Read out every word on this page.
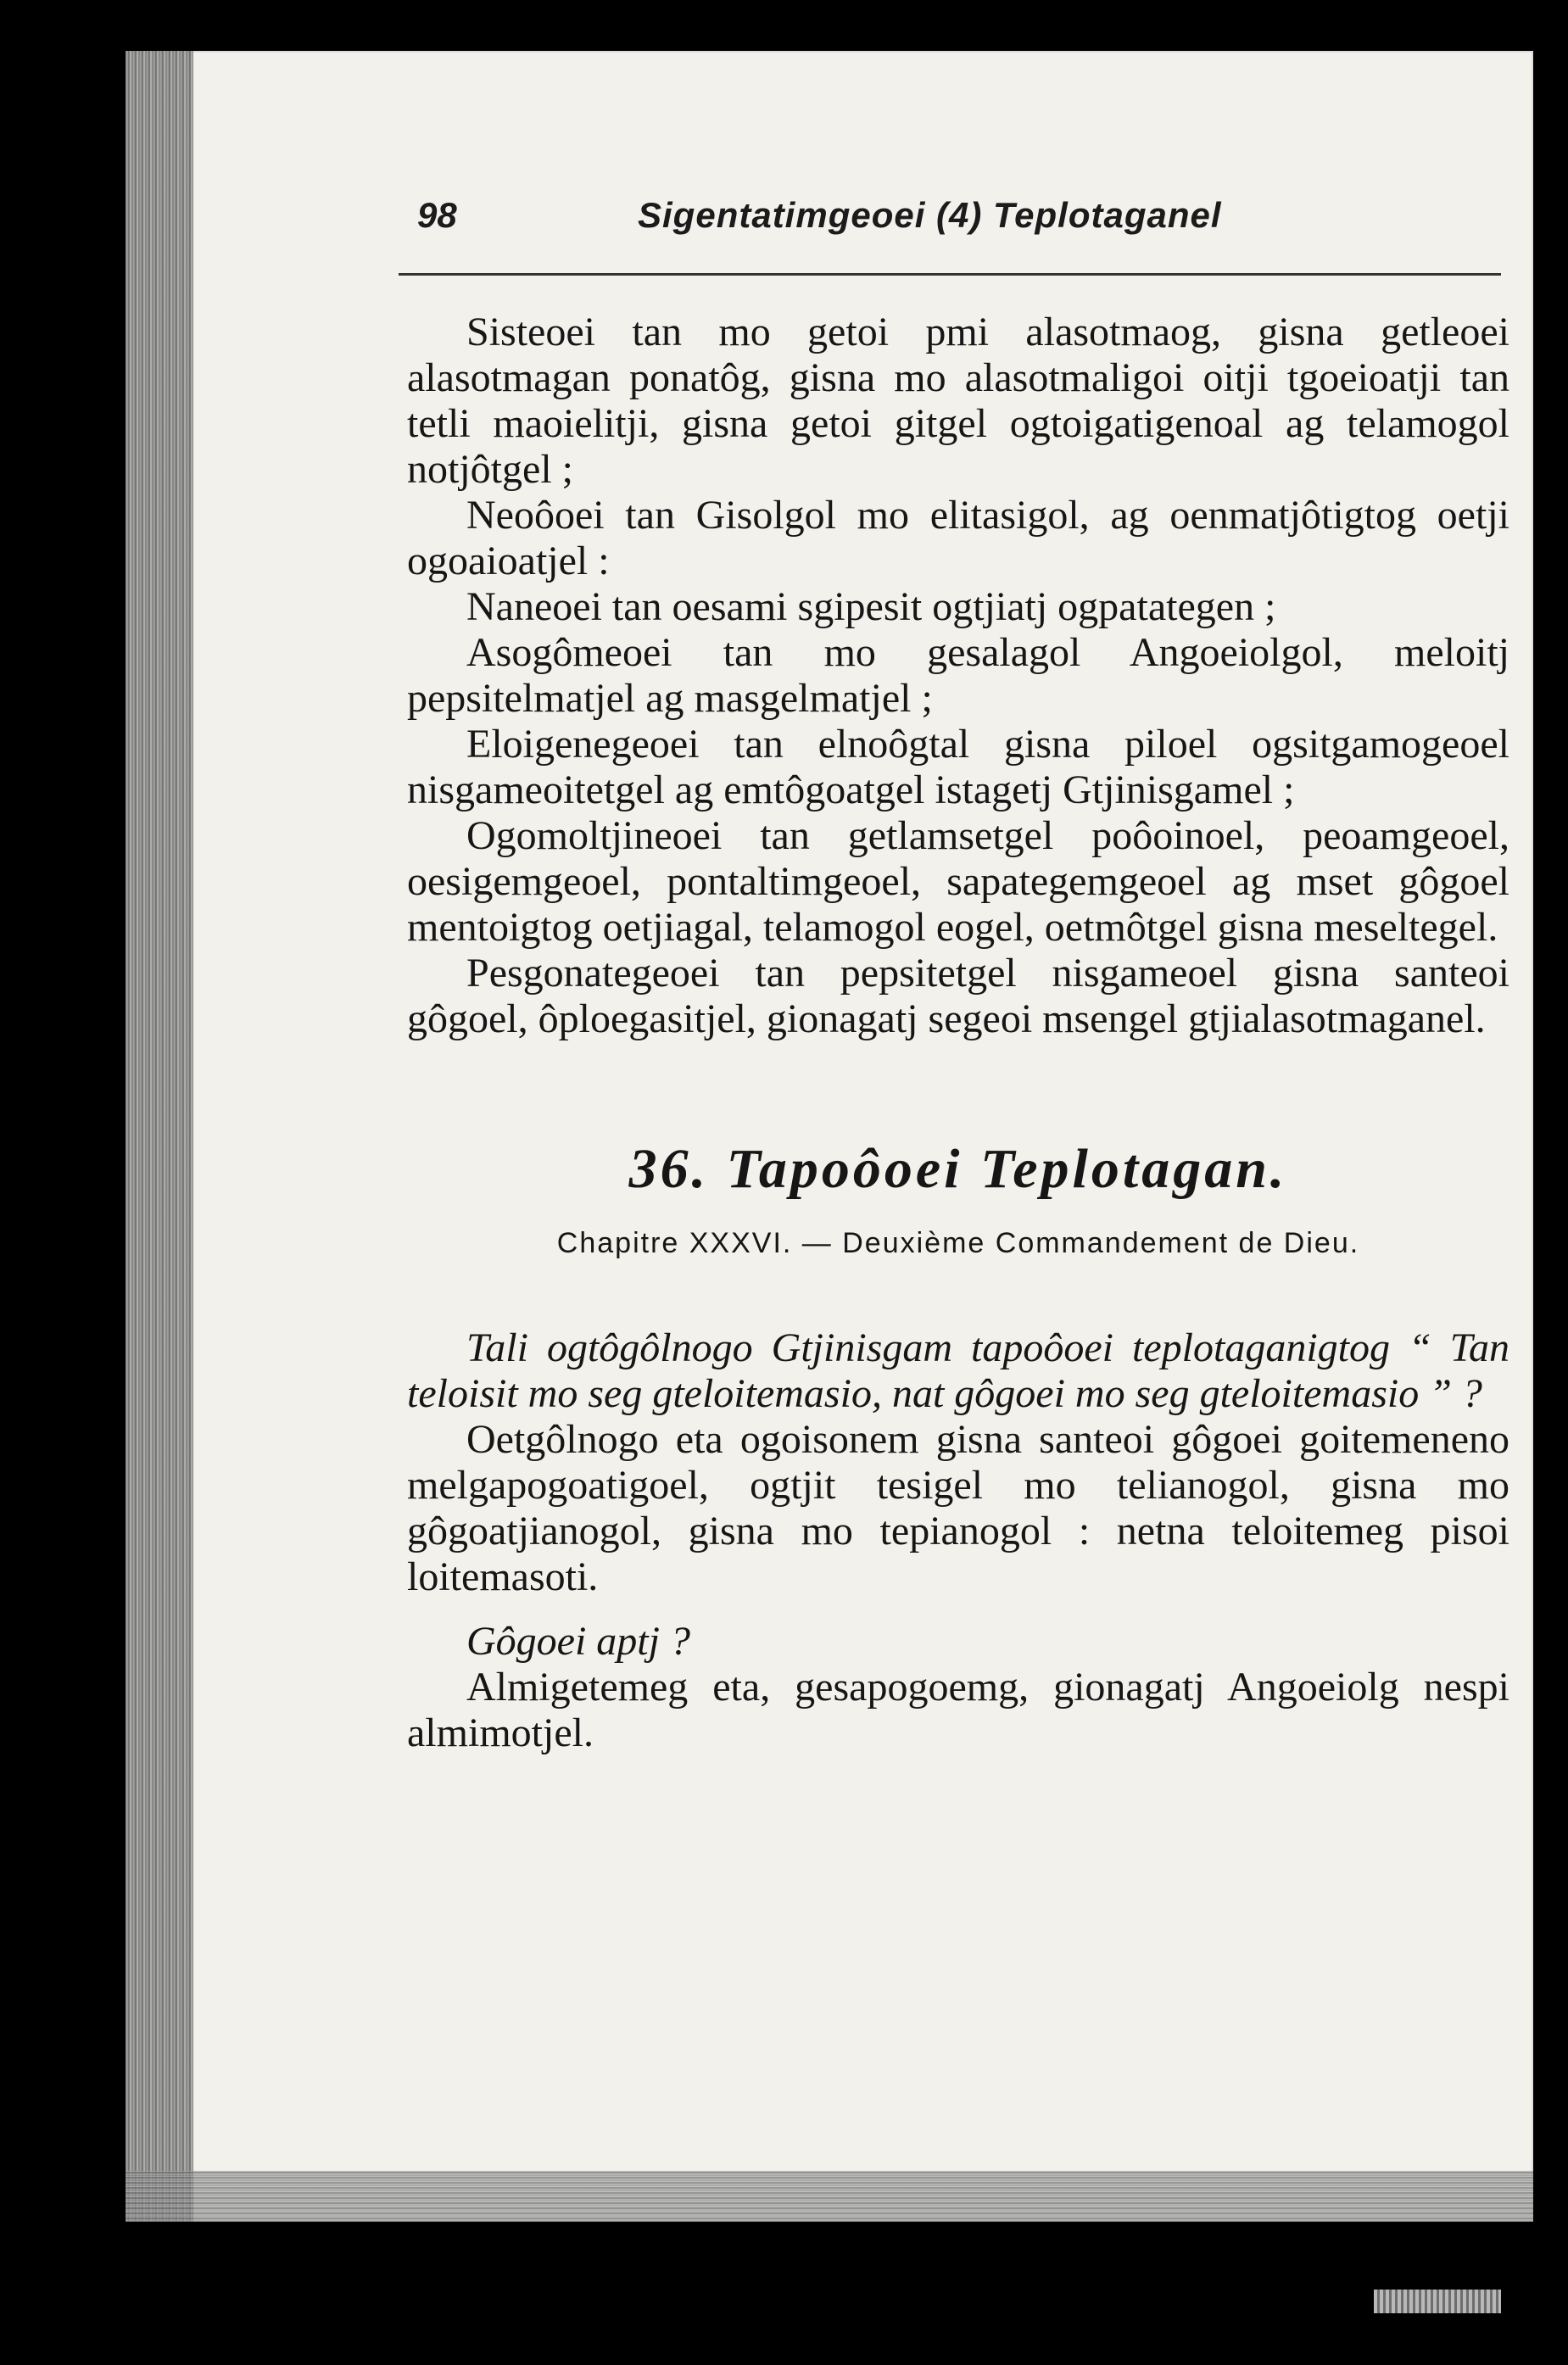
98	Sigentatimgeoei (4) Teplotaganel

Sisteoei tan mo getoi pmi alasotmaog, gisna getleoei alasotmagan ponatôg, gisna mo alasotmaligoi oitji tgoeioatji tan tetli maoielitji, gisna getoi gitgel ogtoigatigenoal ag telamogol notjôtgel ;

Neoôoei tan Gisolgol mo elitasigol, ag oenmatjôtigtog oetji ogoaioatjel :

Naneoei tan oesami sgipesit ogtjiatj ogpatategen ;

Asogômeoei tan mo gesalagol Angoeiolgol, meloitj pepsitelmatjel ag masgelmatjel ;

Eloigenegeoei tan elnoôgtal gisna piloel ogsitgamogeoel nisgameoitetgel ag emtôgoatgel istagetj Gtjinisgamel ;

Ogomoltjineoei tan getlamsetgel poôoinoel, peoamgeoel, oesigemgeoel, pontaltimgeoel, sapategemgeoel ag mset gôgoel mentoigtog oetjiagal, telamogol eogel, oetmôtgel gisna meseltegel.

Pesgonategeoei tan pepsitetgel nisgameoel gisna santeoi gôgoel, ôploegasitjel, gionagatj segeoi msengel gtjialasotmaganel.

36. Tapoôoei Teplotagan.
Chapitre XXXVI. — Deuxième Commandement de Dieu.

Tali ogtôgôlnogo Gtjinisgam tapoôoei teplotaganigtog “ Tan teloisit mo seg gteloitemasio, nat gôgoei mo seg gteloitemasio ” ?

Oetgôlnogo eta ogoisonem gisna santeoi gôgoei goitemeneno melgapogoatigoel, ogtjit tesigel mo telianogol, gisna mo gôgoatjianogol, gisna mo tepianogol : netna teloitemeg pisoi loitemasoti.

Gôgoei aptj ?

Almigetemeg eta, gesapogoemg, gionagatj Angoeiolg nespi almimotjel.
